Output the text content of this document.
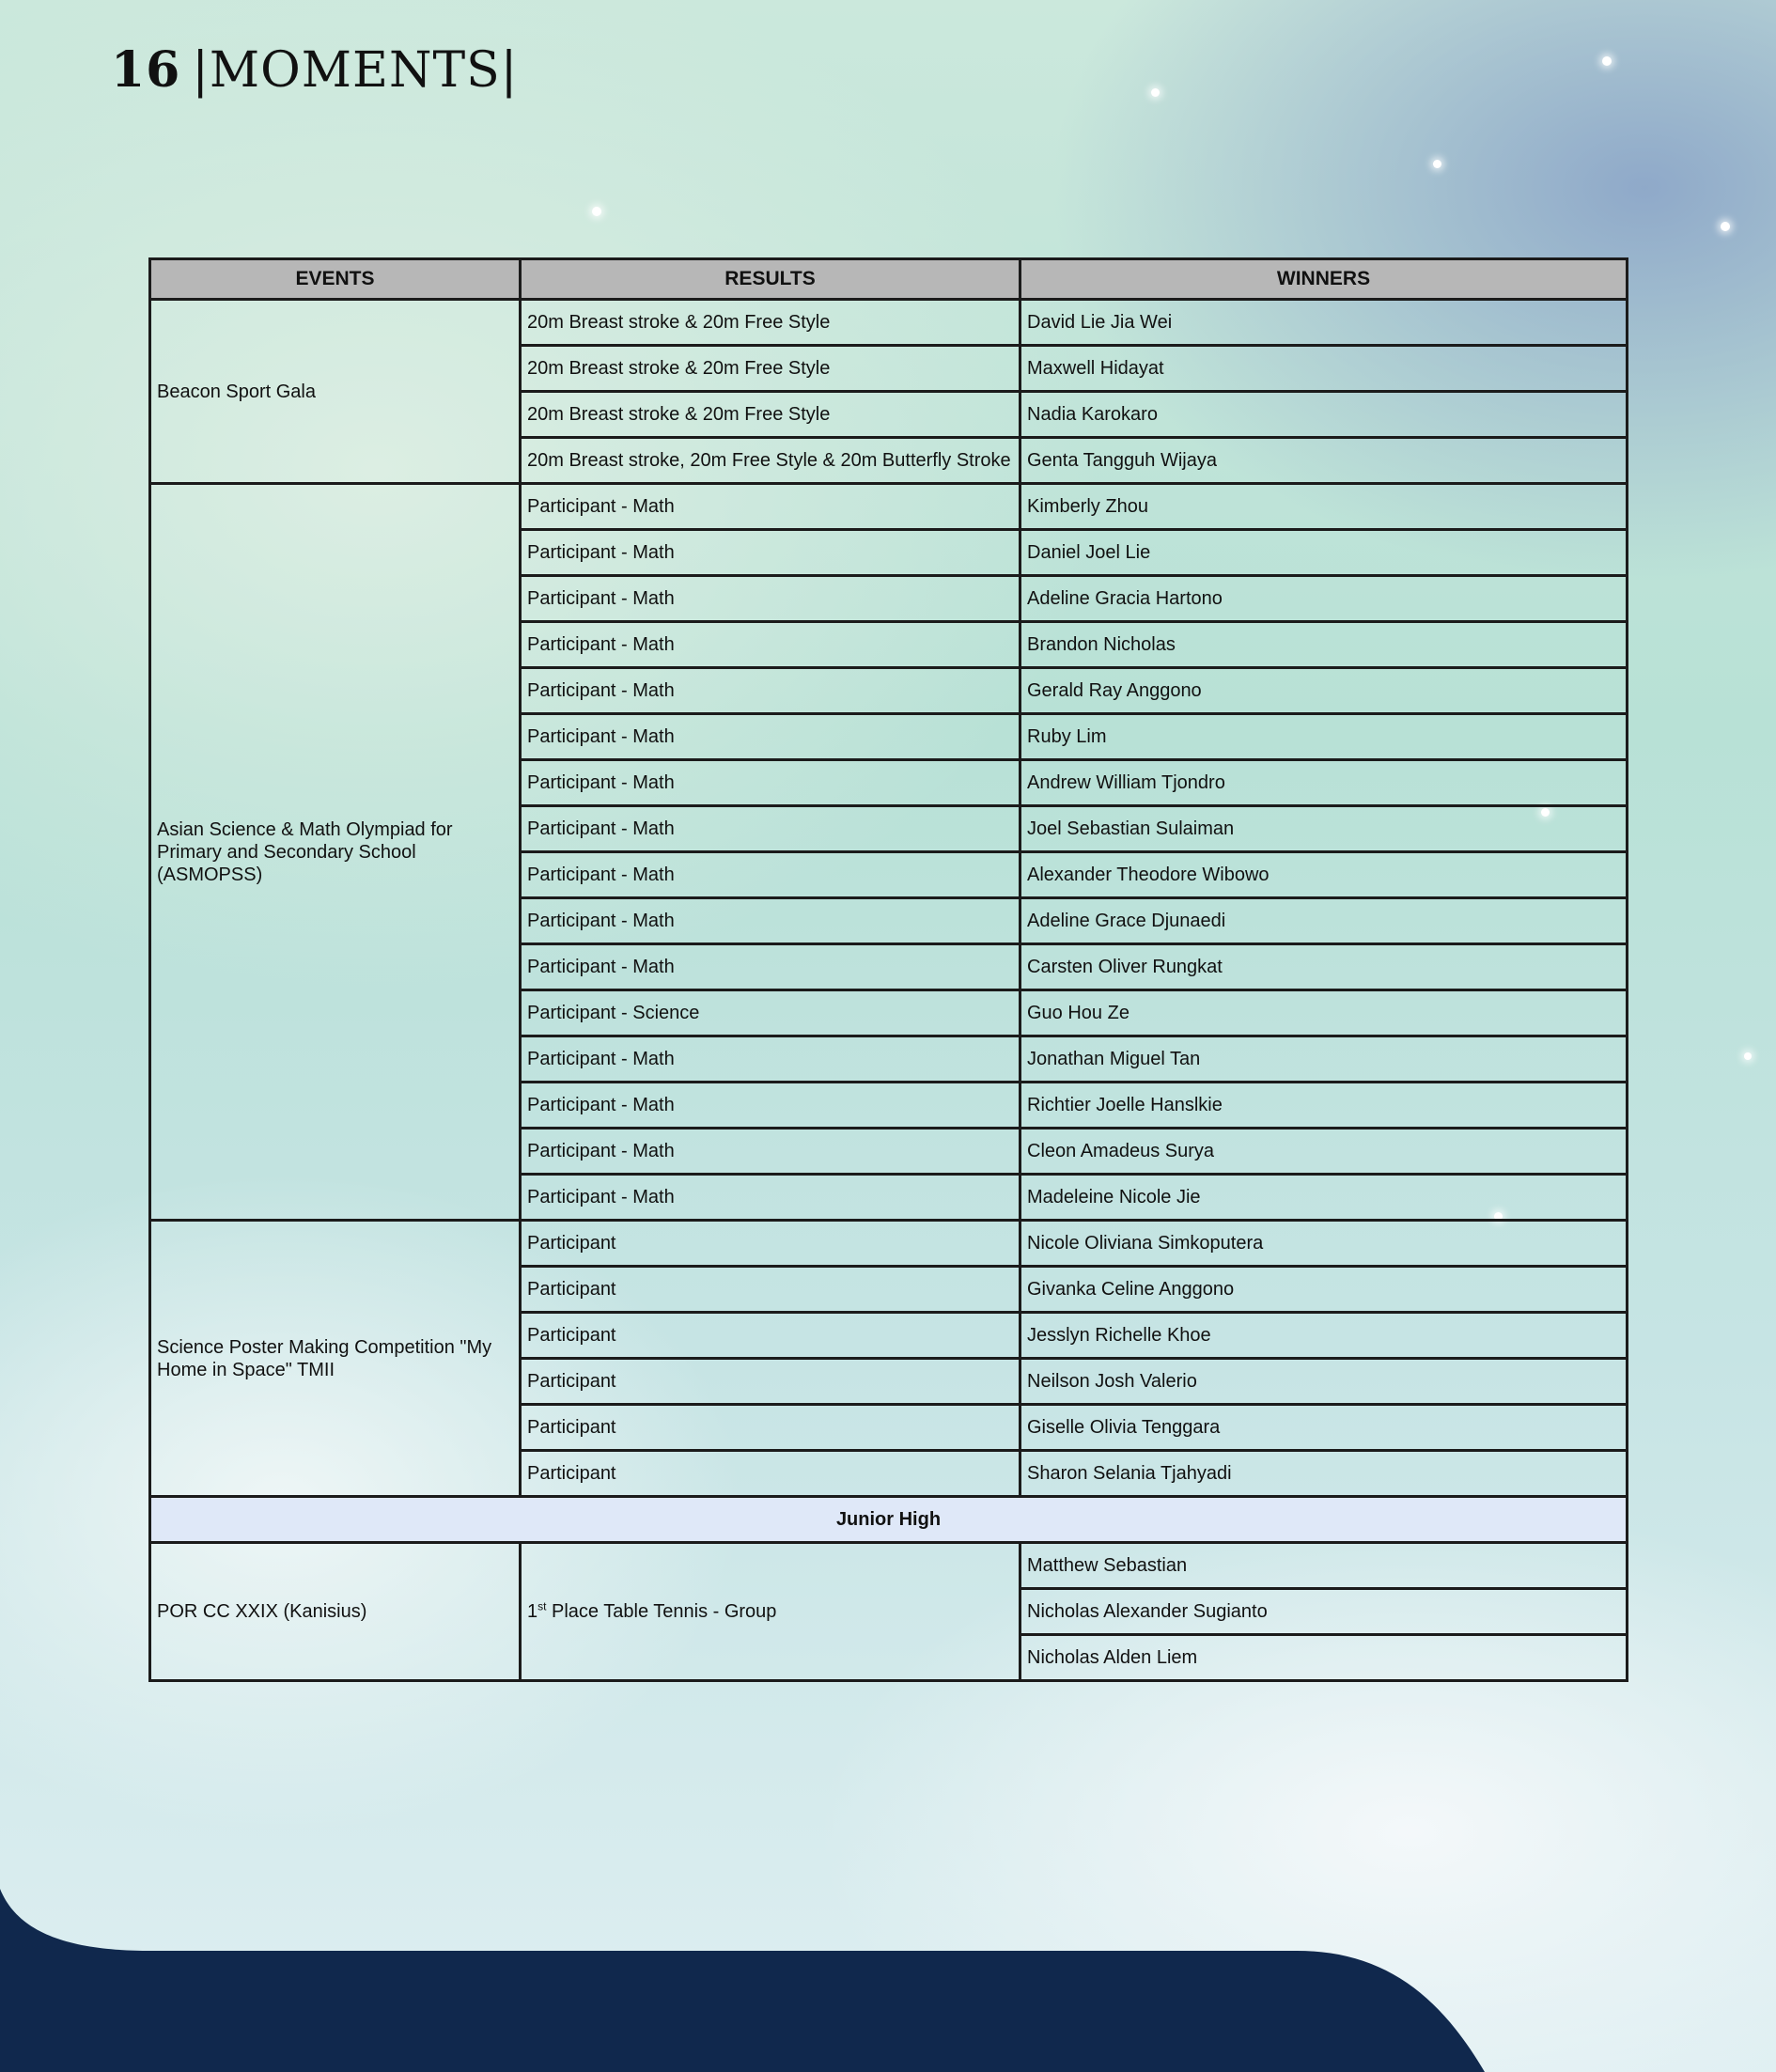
16 |MOMENTS|
EVENTS	RESULTS	WINNERS
Beacon Sport Gala	20m Breast stroke & 20m Free Style	David Lie Jia Wei
	20m Breast stroke & 20m Free Style	Maxwell Hidayat
	20m Breast stroke & 20m Free Style	Nadia Karokaro
	20m Breast stroke, 20m Free Style & 20m Butterfly Stroke	Genta Tangguh Wijaya
Asian Science & Math Olympiad for Primary and Secondary School (ASMOPSS)	Participant - Math	Kimberly Zhou
	Participant - Math	Daniel Joel Lie
	Participant - Math	Adeline Gracia Hartono
	Participant - Math	Brandon Nicholas
	Participant - Math	Gerald Ray Anggono
	Participant - Math	Ruby Lim
	Participant - Math	Andrew William Tjondro
	Participant - Math	Joel Sebastian Sulaiman
	Participant - Math	Alexander Theodore Wibowo
	Participant - Math	Adeline Grace Djunaedi
	Participant - Math	Carsten Oliver Rungkat
	Participant - Science	Guo Hou Ze
	Participant - Math	Jonathan Miguel Tan
	Participant - Math	Richtier Joelle Hanslkie
	Participant - Math	Cleon Amadeus Surya
	Participant - Math	Madeleine Nicole Jie
Science Poster Making Competition "My Home in Space" TMII	Participant	Nicole Oliviana Simkoputera
	Participant	Givanka Celine Anggono
	Participant	Jesslyn Richelle Khoe
	Participant	Neilson Josh Valerio
	Participant	Giselle Olivia Tenggara
	Participant	Sharon Selania Tjahyadi
Junior High		
POR CC XXIX (Kanisius)	1st Place Table Tennis - Group	Matthew Sebastian
		Nicholas Alexander Sugianto
		Nicholas Alden Liem
